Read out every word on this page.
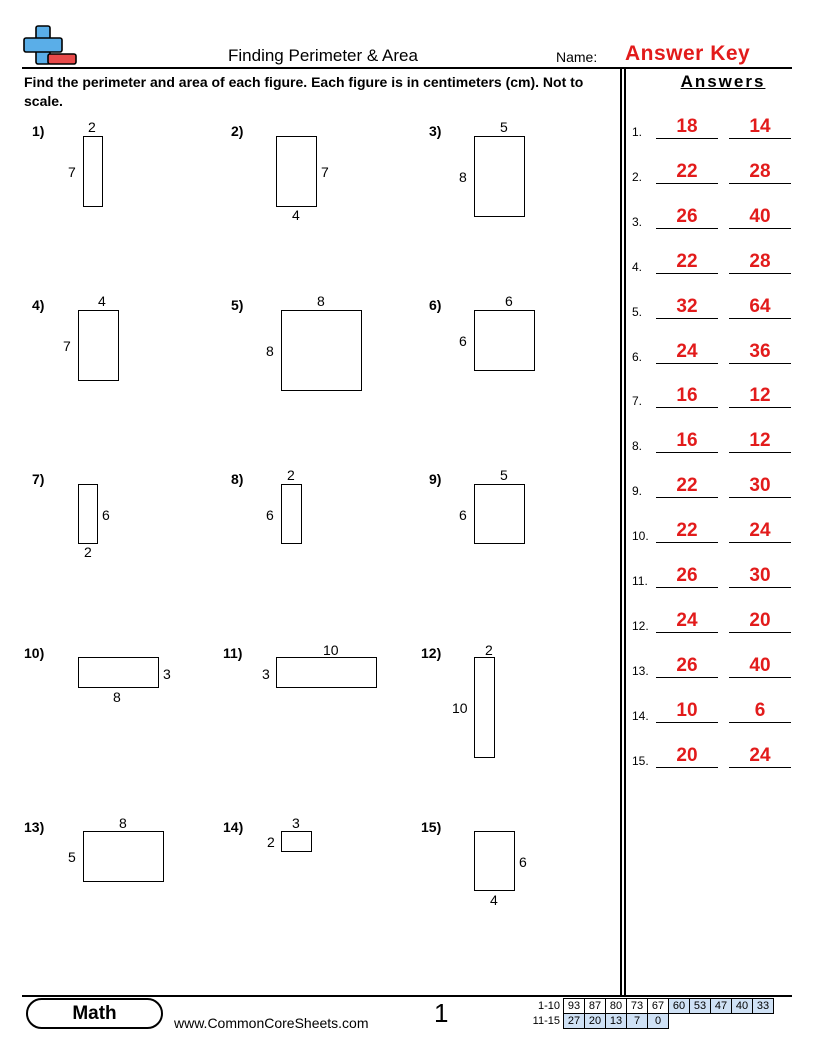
Finding Perimeter & Area	Name: Answer Key
Find the perimeter and area of each figure. Each figure is in centimeters (cm). Not to scale.
1)	2
7
2)
4
7
3)	5
8
4)	4
7
5)	8
8
6)	6
6
7)
2
6
8)	2
6
9)	5
6
10)
8
3
11)	10
3
12)	2
10
13)	8
5
14)	3
2
15)
4
6
Answers
1.	18	14
2.	22	28
3.	26	40
4.	22	28
5.	32	64
6.	24	36
7.	16	12
8.	16	12
9.	22	30
10.	22	24
11.	26	30
12.	24	20
13.	26	40
14.	10	6
15.	20	24
Math	www.CommonCoreSheets.com	1	1-10	93	87	80	73	67	60	53	47	40	33
11-15	27	20	13	7	0					
